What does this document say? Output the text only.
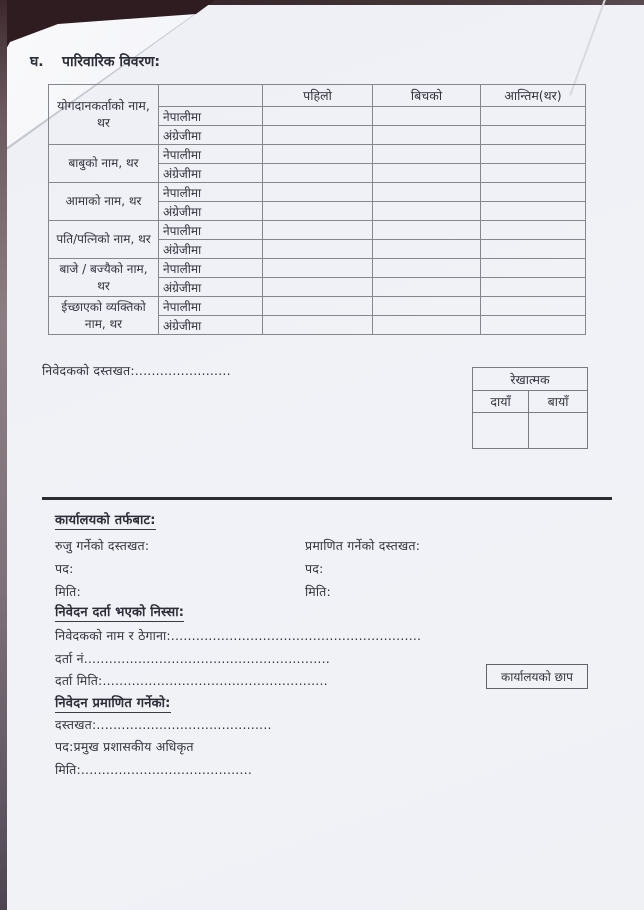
घ. पारिवारिक विवरण:
योगदानकर्ताको नाम, थर		पहिलो	बिचको	आन्तिम(थर)
	नेपालीमा			
	अंग्रेजीमा			
बाबुको नाम, थर	नेपालीमा			
	अंग्रेजीमा			
आमाको नाम, थर	नेपालीमा			
	अंग्रेजीमा			
पति/पत्निको नाम, थर	नेपालीमा			
	अंग्रेजीमा			
बाजे / बज्यैको नाम, थर	नेपालीमा			
	अंग्रेजीमा			
ईच्छाएको व्यक्तिको नाम, थर	नेपालीमा			
	अंग्रेजीमा			
निवेदकको दस्तखत:.......................
रेखात्मक	
दायाँ	बायाँ

कार्यालयको तर्फबाट:
रुजु गर्नेको दस्तखत:
पद:
मिति:
प्रमाणित गर्नेको दस्तखत:
पद:
मिति:
निवेदन दर्ता भएको निस्सा:
निवेदकको नाम र ठेगाना:............................................................
दर्ता नं...........................................................
दर्ता मिति:......................................................
निवेदन प्रमाणित गर्नेको:
दस्तखत:..........................................
पद:प्रमुख प्रशासकीय अधिकृत
मिति:.........................................
कार्यालयको छाप
